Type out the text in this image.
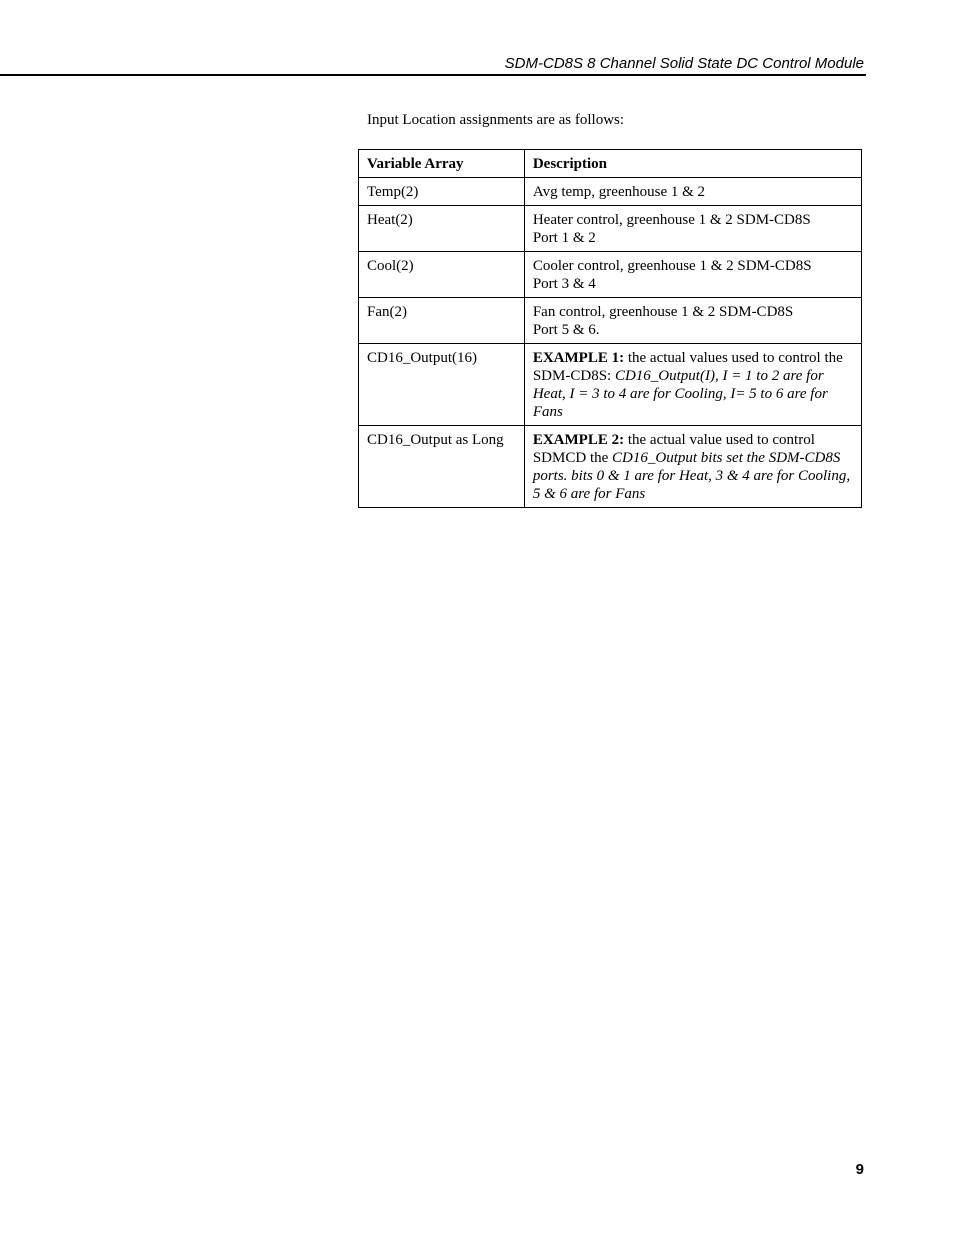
SDM-CD8S 8 Channel Solid State DC Control Module
Input Location assignments are as follows:
Variable Array	Description
Temp(2)	Avg temp, greenhouse 1 & 2
Heat(2)	Heater control, greenhouse 1 & 2 SDM-CD8S
Port 1 & 2
Cool(2)	Cooler control, greenhouse 1 & 2 SDM-CD8S
Port 3 & 4
Fan(2)	Fan control, greenhouse 1 & 2 SDM-CD8S
Port 5 & 6.
CD16_Output(16)	EXAMPLE 1: the actual values used to control the SDM-CD8S: CD16_Output(I), I = 1 to 2 are for Heat, I = 3 to 4 are for Cooling, I= 5 to 6 are for Fans
CD16_Output as Long	EXAMPLE 2: the actual value used to control SDMCD the CD16_Output bits set the SDM-CD8S ports. bits 0 & 1 are for Heat, 3 & 4 are for Cooling, 5 & 6 are for Fans
9
